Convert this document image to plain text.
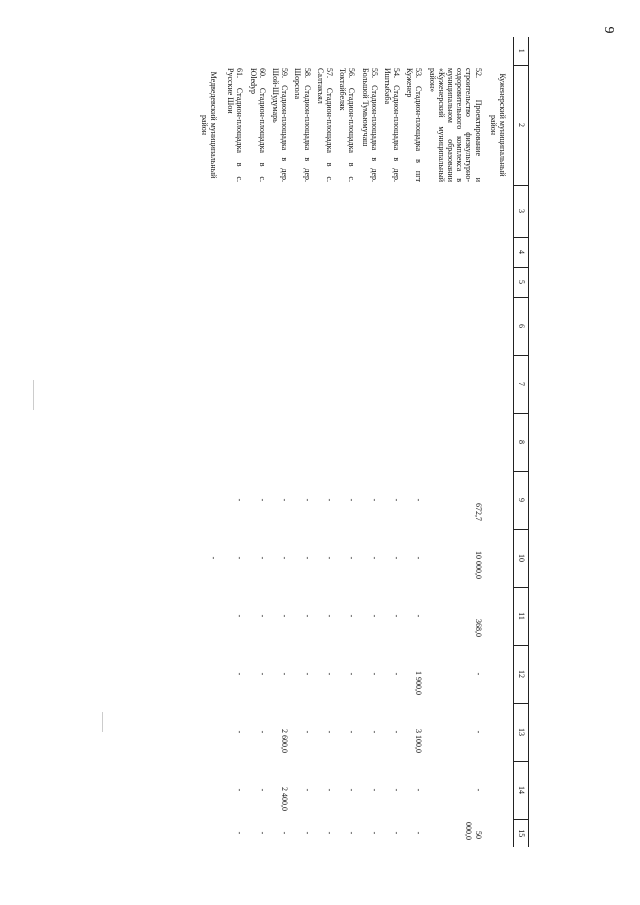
9
1	2	3	4	5	6	7	8	9	10	11	12	13	14	15	
	Куженерский муниципальный район														
	52. Проектирование и строительство физкультурно-оздоровительного комплекса в муниципальном образовании «Куженерский муниципальный район»							672,7	10 000,0	368,0	-	-	-	50 000,0	
	53. Стадион-площадка в пгт Куженер							-	-	-	1 900,0	3 100,0	-	-	
	54. Стадион-площадка в дер. Иштыбаба							-	-	-	-	-	-	-	
	55. Стадион-площадка в дер. Большой Тумьюмучаш							-	-	-	-	-	-	-	
	56. Стадион-площадка в с. Токтайбеляк							-	-	-	-	-	-	-	
	57. Стадион-площадка в с. Салтакъял							-	-	-	-	-	-	-	
	58. Стадион-площадка в дер. Шорсола							-	-	-	-	-	-	-	
	59. Стадион-площадка в дер. Шой-Шудумарь							-	-	-	-	2 600,0	2 400,0	-	
	60. Стадион-площадка в с. Юledур							-	-	-	-	-	-	-	
	61. Стадион-площадка в с. Русские Шои							-	-	-	-	-	-	-	
	Медведевский муниципальный район								-						
